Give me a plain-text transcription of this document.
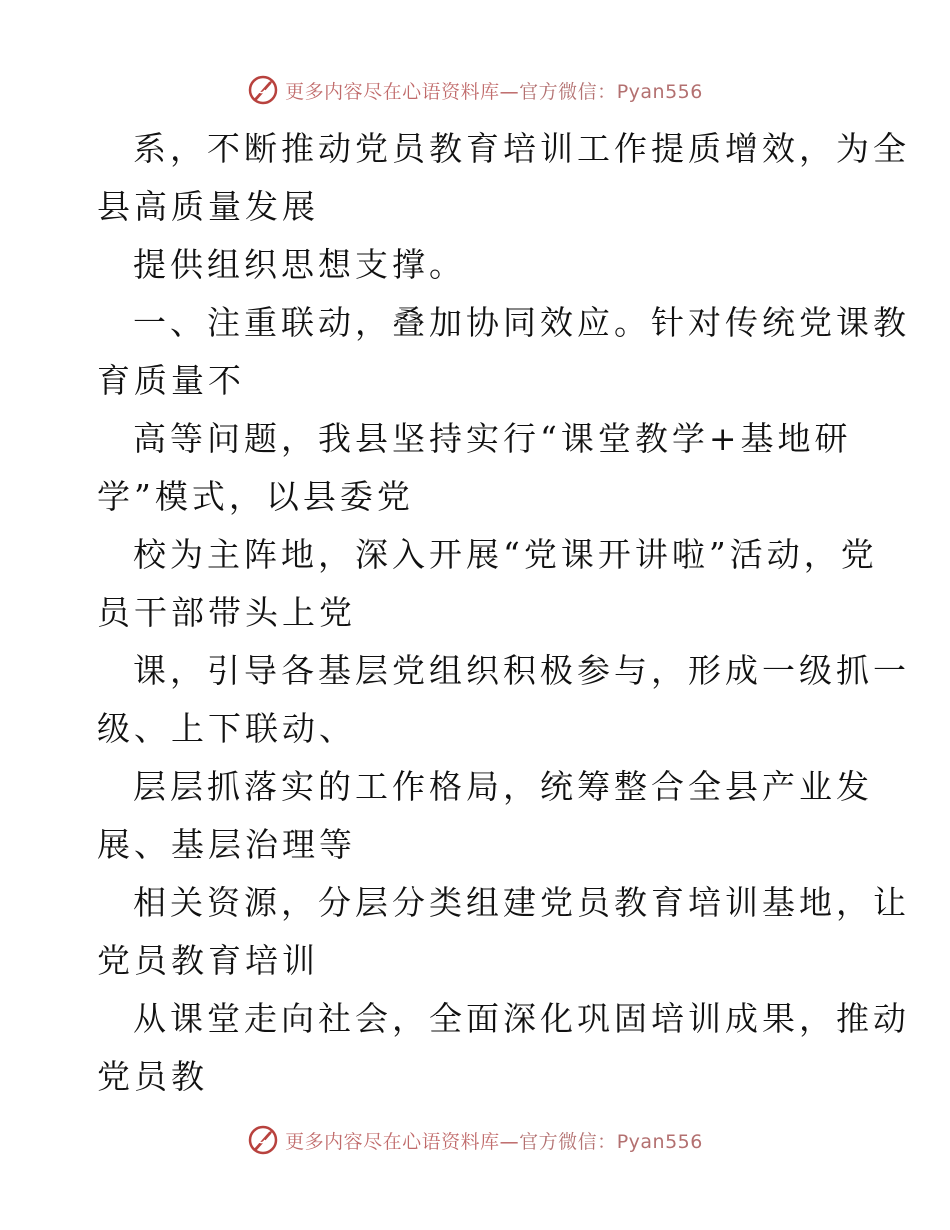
更多内容尽在心语资料库—官方微信：Pyan556
系，不断推动党员教育培训工作提质增效，为全
县高质量发展
提供组织思想支撑。
一、注重联动，叠加协同效应。针对传统党课教
育质量不
高等问题，我县坚持实行“课堂教学+基地研
学”模式，以县委党
校为主阵地，深入开展“党课开讲啦”活动，党
员干部带头上党
课，引导各基层党组织积极参与，形成一级抓一
级、上下联动、
层层抓落实的工作格局，统筹整合全县产业发
展、基层治理等
相关资源，分层分类组建党员教育培训基地，让
党员教育培训
从课堂走向社会，全面深化巩固培训成果，推动
党员教
更多内容尽在心语资料库—官方微信：Pyan556
